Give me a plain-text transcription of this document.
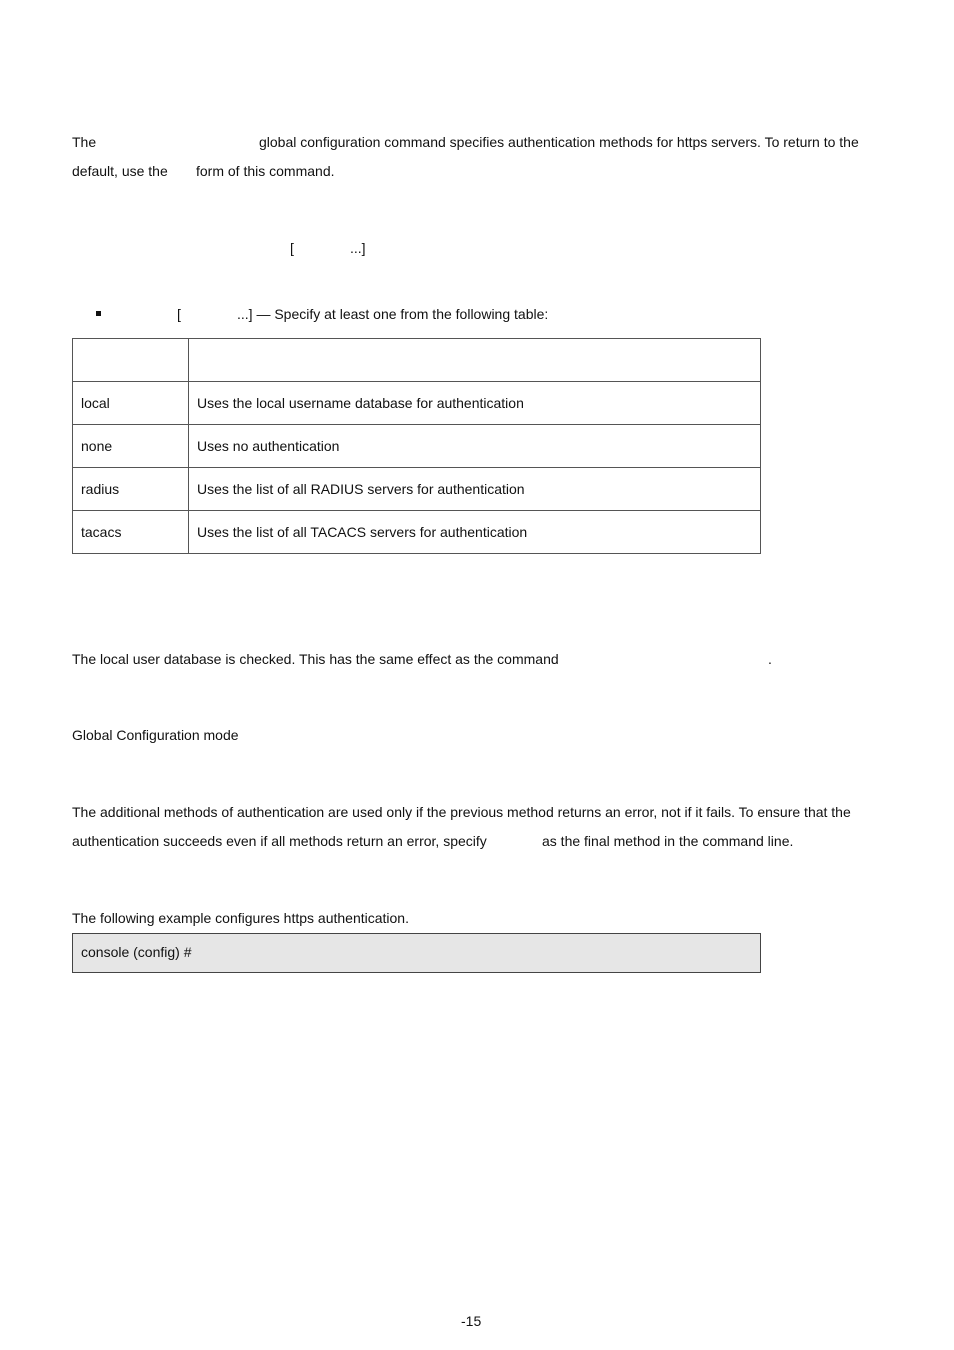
The	global configuration command specifies authentication methods for https servers. To return to the
default, use the form of this command.
[	...]
[	...] — Specify at least one from the following table:

local	Uses the local username database for authentication
none	Uses no authentication
radius	Uses the list of all RADIUS servers for authentication
tacacs	Uses the list of all TACACS servers for authentication
The local user database is checked. This has the same effect as the command	.
Global Configuration mode
The additional methods of authentication are used only if the previous method returns an error, not if it fails. To ensure that the
authentication succeeds even if all methods return an error, specify	as the final method in the command line.
The following example configures https authentication.
console (config) #
-15
